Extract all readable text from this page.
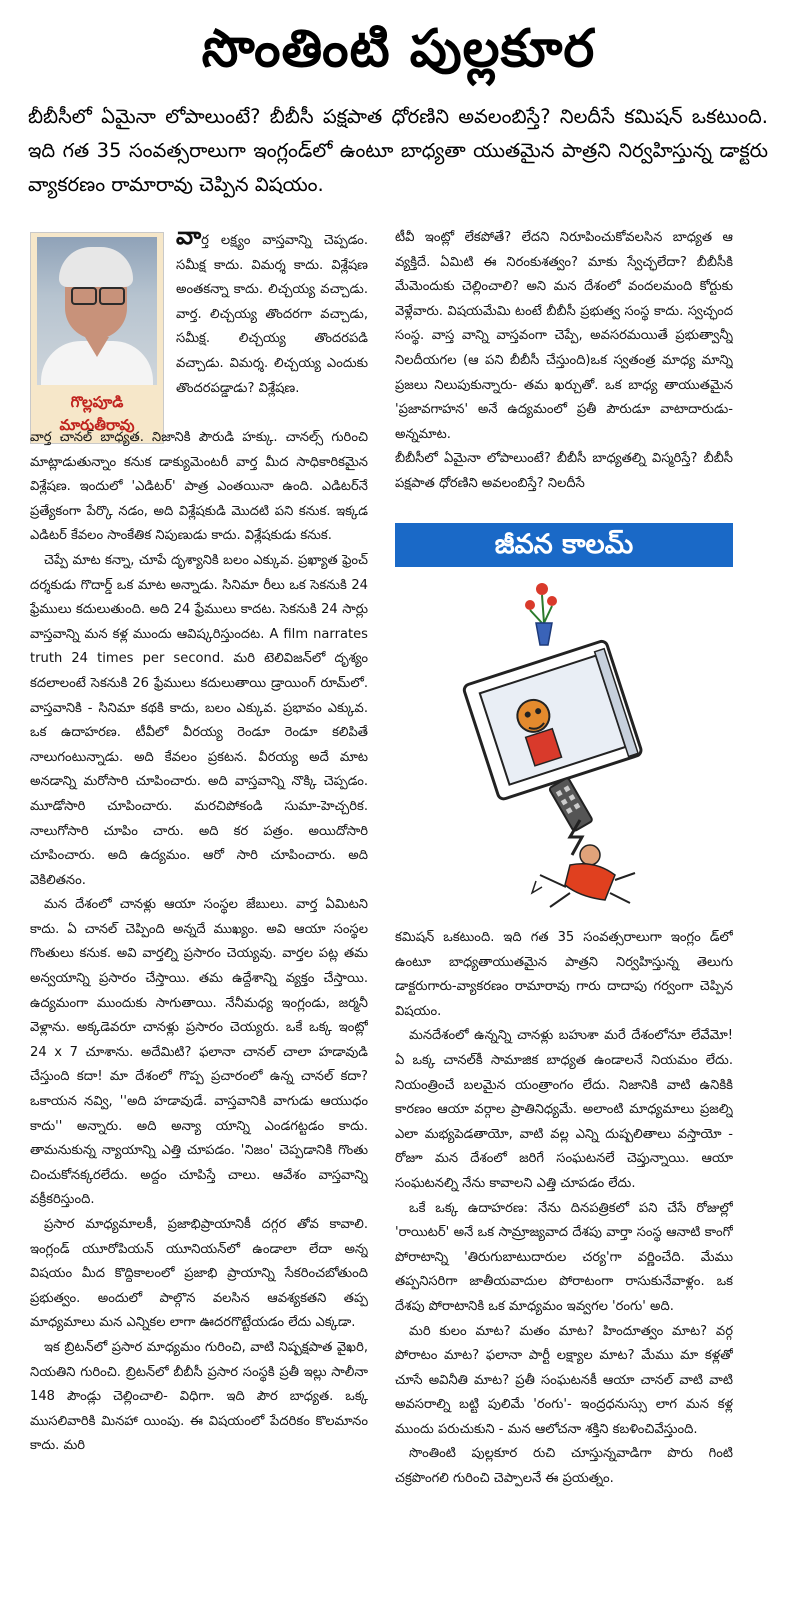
సొంతింటి పుల్లకూర
బీబీసీలో ఏమైనా లోపాలుంటే? బీబీసీ పక్షపాత ధోరణిని అవలంబిస్తే? నిలదీసే కమిషన్ ఒకటుంది. ఇది గత 35 సంవత్సరాలుగా ఇంగ్లండ్‌లో ఉంటూ బాధ్యతా యుతమైన పాత్రని నిర్వహిస్తున్న డాక్టరు వ్యాకరణం రామారావు చెప్పిన విషయం.
గొల్లపూడి
మారుతీరావు

వార్త లక్ష్యం వాస్తవాన్ని చెప్పడం. సమీక్ష కాదు. విమర్శ కాదు. విశ్లేషణ అంతకన్నా కాదు. లిచ్చయ్య వచ్చాడు. వార్త. లిచ్చయ్య తొందరగా వచ్చాడు, సమీక్ష. లిచ్చయ్య తొందరపడి వచ్చాడు. విమర్శ. లిచ్చయ్య ఎందుకు తొందరపడ్డాడు? విశ్లేషణ.

వార్త చానల్ బాధ్యత. నిజానికి పౌరుడి హక్కు. చానల్స్ గురించి మాట్లాడుతున్నాం కనుక డాక్యుమెంటరీ వార్త మీద సాధికారికమైన విశ్లేషణ. ఇందులో 'ఎడిటర్' పాత్ర ఎంతయినా ఉంది. ఎడిటర్‌నే ప్రత్యేకంగా పేర్కొ నడం, అది విశ్లేషకుడి మొదటి పని కనుక. ఇక్కడ ఎడిటర్ కేవలం సాంకేతిక నిపుణుడు కాదు. విశ్లేషకుడు కనుక.

చెప్పే మాట కన్నా, చూపే దృశ్యానికి బలం ఎక్కువ. ప్రఖ్యాత ఫ్రెంచ్ దర్శకుడు గొదార్డ్ ఒక మాట అన్నాడు. సినిమా రీలు ఒక సెకనుకి 24 ఫ్రేములు కదులుతుంది. అది 24 ఫ్రేములు కాదట. సెకనుకి 24 సార్లు వాస్తవాన్ని మన కళ్ల ముందు ఆవిష్కరిస్తుందట. A film narrates truth 24 times per second. మరి టెలివిజన్‌లో దృశ్యం కదలాలంటే సెకనుకి 26 ఫ్రేములు కదులుతాయి డ్రాయింగ్ రూమ్‌లో. వాస్తవానికి - సినిమా కథకి కాదు, బలం ఎక్కువ. ప్రభావం ఎక్కువ. ఒక ఉదాహరణ. టీవీలో వీరయ్య రెండూ రెండూ కలిపితే నాలుగంటున్నాడు. అది కేవలం ప్రకటన. వీరయ్య అదే మాట అనడాన్ని మరోసారి చూపించారు. అది వాస్తవాన్ని నొక్కి చెప్పడం. మూడోసారి చూపించారు. మరచిపోకండి సుమా-హెచ్చరిక. నాలుగోసారి చూపిం చారు. అది కర పత్రం. అయిదోసారి చూపించారు. అది ఉద్యమం. ఆరో సారి చూపించారు. అది వెకిలితనం.

మన దేశంలో చానళ్లు ఆయా సంస్థల జేబులు. వార్త ఏమిటని కాదు. ఏ చానల్ చెప్పింది అన్నదే ముఖ్యం. అవి ఆయా సంస్థల గొంతులు కనుక. అవి వార్తల్ని ప్రసారం చెయ్యవు. వార్తల పట్ల తమ అన్వయాన్ని ప్రసారం చేస్తాయి. తమ ఉద్దేశాన్ని వ్యక్తం చేస్తాయి. ఉద్యమంగా ముందుకు సాగుతాయి. నేనీమధ్య ఇంగ్లండు, జర్మనీ వెళ్లాను. అక్కడెవరూ చానళ్లు ప్రసారం చెయ్యరు. ఒకే ఒక్క ఇంట్లో 24 x 7 చూశాను. అదేమిటి? ఫలానా చానల్ చాలా హడావుడి చేస్తుంది కదా! మా దేశంలో గొప్ప ప్రచారంలో ఉన్న చానల్ కదా? ఒకాయన నవ్వి, ''అది హడావుడే. వాస్తవానికి వాగుడు ఆయుధం కాదు'' అన్నారు. అది అన్యా యాన్ని ఎండగట్టడం కాదు. తామనుకున్న న్యాయాన్ని ఎత్తి చూపడం. 'నిజం' చెప్పడానికి గొంతు చించుకోనక్కరలేదు. అద్దం చూపిస్తే చాలు. ఆవేశం వాస్తవాన్ని వక్రీకరిస్తుంది.

ప్రసార మాధ్యమాలకీ, ప్రజాభిప్రాయానికీ దగ్గర తోవ కావాలి. ఇంగ్లండ్ యూరోపియన్ యూనియన్‌లో ఉండాలా లేదా అన్న విషయం మీద కొద్దికాలంలో ప్రజాభి ప్రాయాన్ని సేకరించబోతుంది ప్రభుత్వం. అందులో పాల్గొన వలసిన ఆవశ్యకతని తప్ప మాధ్యమాలు మన ఎన్నికల లాగా ఊదరగొట్టేయడం లేదు ఎక్కడా.

ఇక బ్రిటన్‌లో ప్రసార మాధ్యమం గురించి, వాటి నిష్పక్షపాత వైఖరి, నియతిని గురించి. బ్రిటన్‌లో బీబీసీ ప్రసార సంస్థకి ప్రతీ ఇల్లు సాలీనా 148 పౌండ్లు చెల్లించాలి- విధిగా. ఇది పౌర బాధ్యత. ఒక్క ముసలివారికి మినహా యింపు. ఈ విషయంలో పేదరికం కొలమానం కాదు. మరి

టీవీ ఇంట్లో లేకపోతే? లేదని నిరూపించుకోవలసిన బాధ్యత ఆ వ్యక్తిదే. ఏమిటి ఈ నిరంకుశత్వం? మాకు స్వేచ్ఛలేదా? బీబీసీకి మేమెందుకు చెల్లించాలి? అని మన దేశంలో వందలమంది కోర్టుకు వెళ్లేవారు. విషయమేమి టంటే బీబీసీ ప్రభుత్వ సంస్థ కాదు. స్వచ్ఛంద సంస్థ. వాస్త వాన్ని వాస్తవంగా చెప్పే, అవసరమయితే ప్రభుత్వాన్నీ నిలదీయగల (ఆ పని బీబీసీ చేస్తుంది)ఒక స్వతంత్ర మాధ్య మాన్ని ప్రజలు నిలుపుకున్నారు- తమ ఖర్చుతో. ఒక బాధ్య తాయుతమైన 'ప్రజావగాహన' అనే ఉద్యమంలో ప్రతీ పౌరుడూ వాటాదారుడు- అన్నమాట.

బీబీసీలో ఏమైనా లోపాలుంటే? బీబీసీ బాధ్యతల్ని విస్మరిస్తే? బీబీసీ పక్షపాత ధోరణిని అవలంబిస్తే? నిలదీసే

జీవన కాలమ్

కమిషన్ ఒకటుంది. ఇది గత 35 సంవత్సరాలుగా ఇంగ్లం డ్‌లో ఉంటూ బాధ్యతాయుతమైన పాత్రని నిర్వహిస్తున్న తెలుగు డాక్టరుగారు-వ్యాకరణం రామారావు గారు దాదాపు గర్వంగా చెప్పిన విషయం.

మనదేశంలో ఉన్నన్ని చానళ్లు బహుశా మరే దేశంలోనూ లేవేమో! ఏ ఒక్క చానల్‌కీ సామాజిక బాధ్యత ఉండాలనే నియమం లేదు. నియంత్రించే బలమైన యంత్రాంగం లేదు. నిజానికి వాటి ఉనికికి కారణం ఆయా వర్గాల ప్రాతినిధ్యమే. అలాంటి మాధ్యమాలు ప్రజల్ని ఎలా మభ్యపెడతాయో, వాటి వల్ల ఎన్ని దుష్పలితాలు వస్తాయో - రోజూ మన దేశంలో జరిగే సంఘటనలే చెప్తున్నాయి. ఆయా సంఘటనల్ని నేను కావాలని ఎత్తి చూపడం లేదు.

ఒకే ఒక్క ఉదాహరణ: నేను దినపత్రికలో పని చేసే రోజుల్లో 'రాయిటర్' అనే ఒక సామ్రాజ్యవాద దేశపు వార్తా సంస్థ ఆనాటి కాంగో పోరాటాన్ని 'తిరుగుబాటుదారుల చర్య'గా వర్ణించేది. మేము తప్పనిసరిగా జాతీయవాదుల పోరాటంగా రాసుకునేవాళ్లం. ఒక దేశపు పోరాటానికి ఒక మాధ్యమం ఇవ్వగల 'రంగు' అది.

మరి కులం మాట? మతం మాట? హిందూత్వం మాట? వర్గ పోరాటం మాట? ఫలానా పార్టీ లక్ష్యాల మాట? మేము మా కళ్లతో చూసే అవినీతి మాట? ప్రతీ సంఘటనకీ ఆయా చానల్ వాటి వాటి అవసరాల్ని బట్టి పులిమే 'రంగు'- ఇంద్రధనుస్సు లాగ మన కళ్ల ముందు పరుచుకుని - మన ఆలోచనా శక్తిని కబళించివేస్తుంది.

సొంతింటి పుల్లకూర రుచి చూస్తున్నవాడిగా పొరు గింటి చక్రపొంగలి గురించి చెప్పాలనే ఈ ప్రయత్నం.
